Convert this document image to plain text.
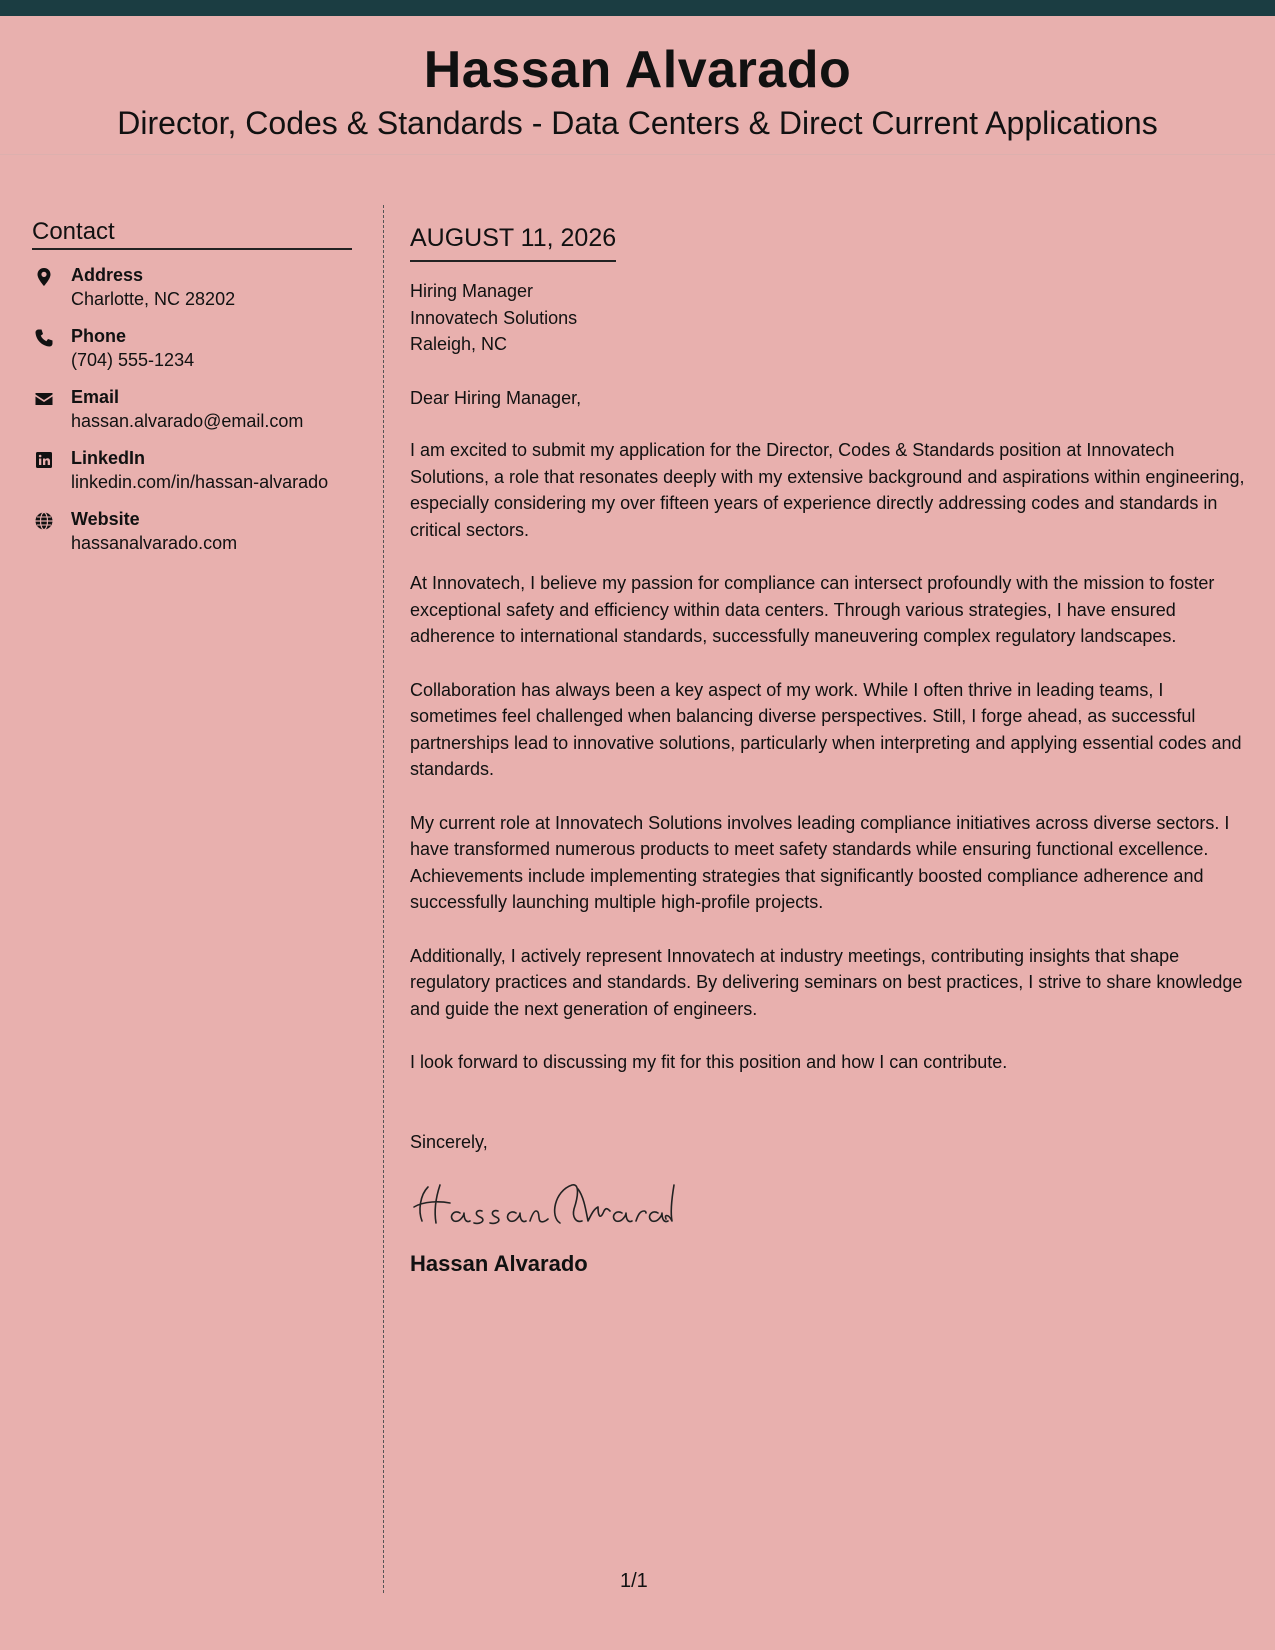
Hassan Alvarado
Director, Codes & Standards - Data Centers & Direct Current Applications
Contact
Address
Charlotte, NC 28202
Phone
(704) 555-1234
Email
hassan.alvarado@email.com
LinkedIn
linkedin.com/in/hassan-alvarado
Website
hassanalvarado.com
AUGUST 11, 2026
Hiring Manager
Innovatech Solutions
Raleigh, NC

Dear Hiring Manager,

I am excited to submit my application for the Director, Codes & Standards position at Innovatech Solutions, a role that resonates deeply with my extensive background and aspirations within engineering, especially considering my over fifteen years of experience directly addressing codes and standards in critical sectors.

At Innovatech, I believe my passion for compliance can intersect profoundly with the mission to foster exceptional safety and efficiency within data centers. Through various strategies, I have ensured adherence to international standards, successfully maneuvering complex regulatory landscapes.

Collaboration has always been a key aspect of my work. While I often thrive in leading teams, I sometimes feel challenged when balancing diverse perspectives. Still, I forge ahead, as successful partnerships lead to innovative solutions, particularly when interpreting and applying essential codes and standards.

My current role at Innovatech Solutions involves leading compliance initiatives across diverse sectors. I have transformed numerous products to meet safety standards while ensuring functional excellence. Achievements include implementing strategies that significantly boosted compliance adherence and successfully launching multiple high-profile projects.

Additionally, I actively represent Innovatech at industry meetings, contributing insights that shape regulatory practices and standards. By delivering seminars on best practices, I strive to share knowledge and guide the next generation of engineers.

I look forward to discussing my fit for this position and how I can contribute.

Sincerely,
Hassan Alvarado
1/1
